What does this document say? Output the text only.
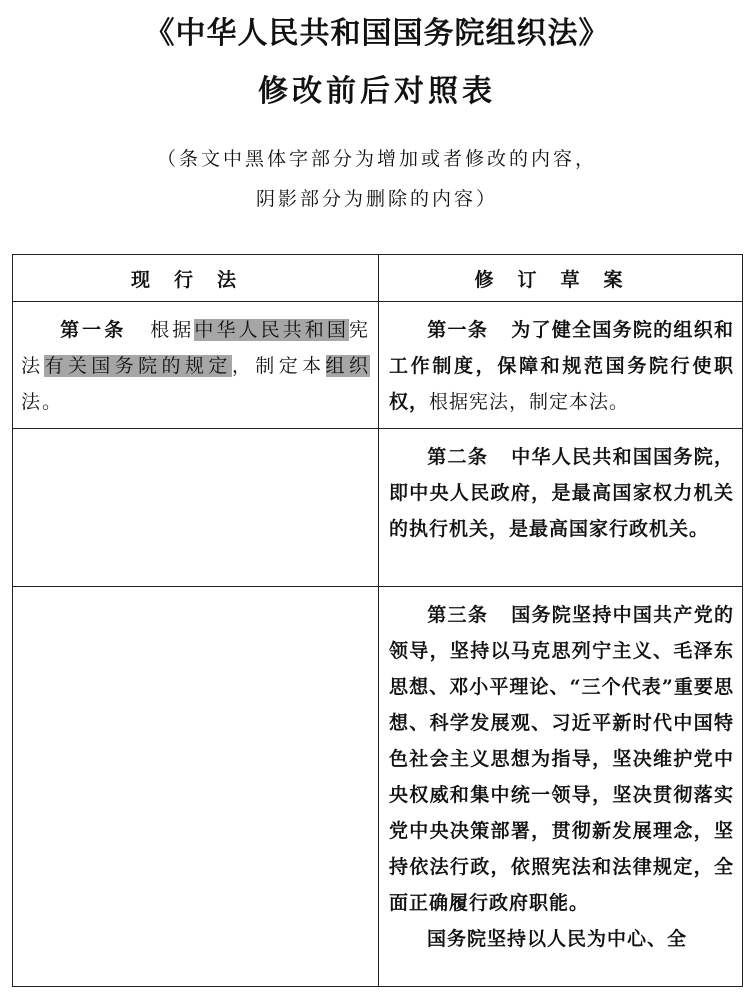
《中华人民共和国国务院组织法》
修改前后对照表
（条文中黑体字部分为增加或者修改的内容，
阴影部分为删除的内容）
现行法	修订草案

第一条 根据中华人民共和国宪法有关国务院的规定，制定本组织法。	第一条 为了健全国务院的组织和工作制度，保障和规范国务院行使职权，根据宪法，制定本法。

	第二条 中华人民共和国国务院，即中央人民政府，是最高国家权力机关的执行机关，是最高国家行政机关。

	第三条 国务院坚持中国共产党的领导，坚持以马克思列宁主义、毛泽东思想、邓小平理论、“三个代表”重要思想、科学发展观、习近平新时代中国特色社会主义思想为指导，坚决维护党中央权威和集中统一领导，坚决贯彻落实党中央决策部署，贯彻新发展理念，坚持依法行政，依照宪法和法律规定，全面正确履行政府职能。

国务院坚持以人民为中心、全
